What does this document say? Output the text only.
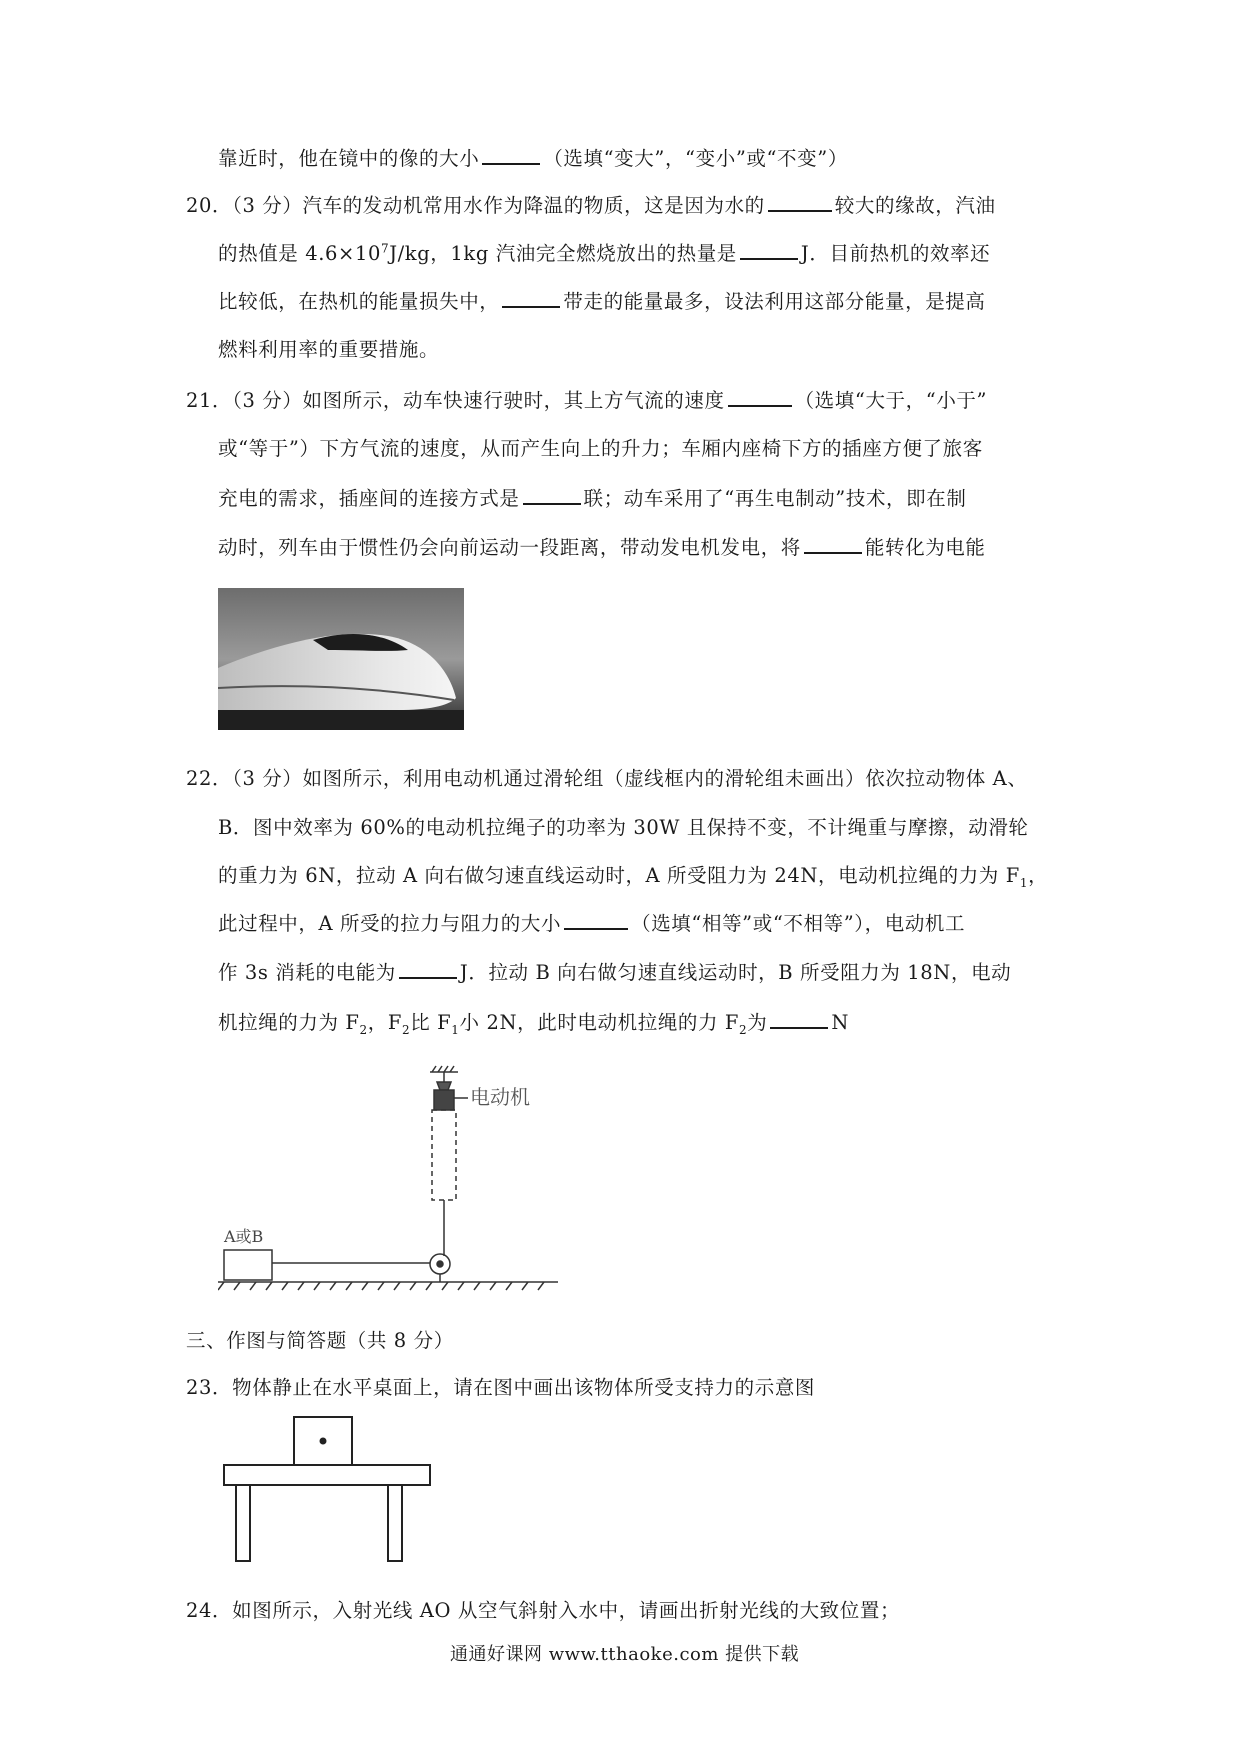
靠近时，他在镜中的像的大小	（选填“变大”，“变小”或“不变”）
20．（3 分）汽车的发动机常用水作为降温的物质，这是因为水的	较大的缘故，汽油
的热值是 $4.6\times 10^7J/kg$，1kg 汽油完全燃烧放出的热量是	J．目前热机的效率还
比较低，在热机的能量损失中，	带走的能量最多，设法利用这部分能量，是提高
燃料利用率的重要措施。
21．（3 分）如图所示，动车快速行驶时，其上方气流的速度	（选填“大于，“小于”
或“等于”）下方气流的速度，从而产生向上的升力；车厢内座椅下方的插座方便了旅客
充电的需求，插座间的连接方式是	联；动车采用了“再生电制动”技术，即在制
动时，列车由于惯性仍会向前运动一段距离，带动发电机发电，将	能转化为电能
22．（3 分）如图所示，利用电动机通过滑轮组（虚线框内的滑轮组未画出）依次拉动物体 A、
B．图中效率为 60%的电动机拉绳子的功率为 30W 且保持不变，不计绳重与摩擦，动滑轮
的重力为 6N，拉动 A 向右做匀速直线运动时，A 所受阻力为 24N，电动机拉绳的力为 $F_1$，
此过程中，A 所受的拉力与阻力的大小	（选填“相等”或“不相等”），电动机工
作 3s 消耗的电能为	J．拉动 B 向右做匀速直线运动时，B 所受阻力为 18N，电动
机拉绳的力为 $F_2$，$F_2$比 $F_1$小 2N，此时电动机拉绳的力 $F_2$为	N
电动机
A或B
三、作图与简答题（共 8 分）
23．物体静止在水平桌面上，请在图中画出该物体所受支持力的示意图
24．如图所示，入射光线 AO 从空气斜射入水中，请画出折射光线的大致位置；
通通好课网 www.tthaoke.com 提供下载
